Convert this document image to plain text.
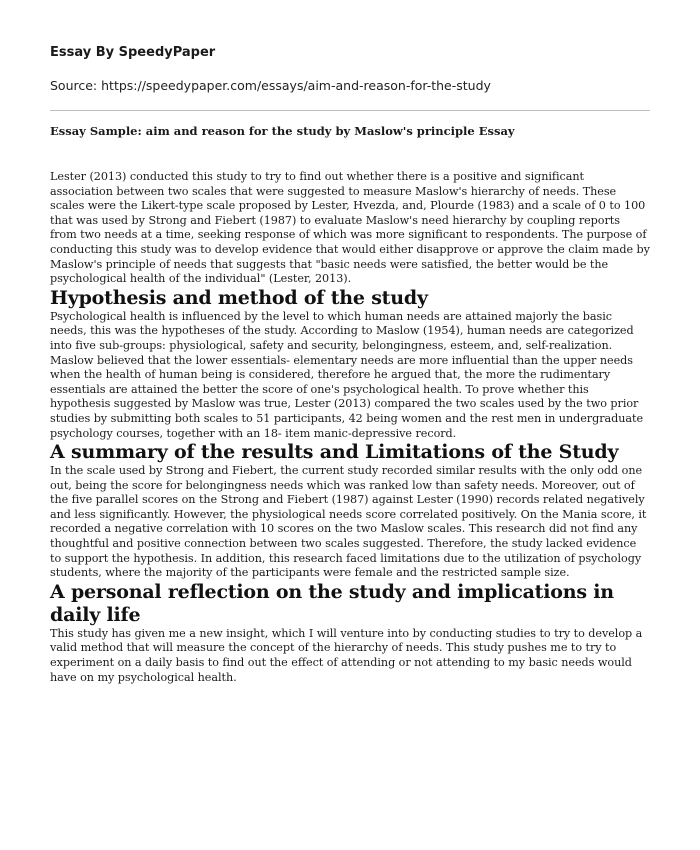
Essay By SpeedyPaper
Source: https://speedypaper.com/essays/aim-and-reason-for-the-study
Essay Sample: aim and reason for the study by Maslow's principle Essay

Lester (2013) conducted this study to try to find out whether there is a positive and significant association between two scales that were suggested to measure Maslow's hierarchy of needs. These scales were the Likert-type scale proposed by Lester, Hvezda, and, Plourde (1983) and a scale of 0 to 100 that was used by Strong and Fiebert (1987) to evaluate Maslow's need hierarchy by coupling reports from two needs at a time, seeking response of which was more significant to respondents. The purpose of conducting this study was to develop evidence that would either disapprove or approve the claim made by Maslow's principle of needs that suggests that "basic needs were satisfied, the better would be the psychological health of the individual" (Lester, 2013).

Hypothesis and method of the study

Psychological health is influenced by the level to which human needs are attained majorly the basic needs, this was the hypotheses of the study. According to Maslow (1954), human needs are categorized into five sub-groups: physiological, safety and security, belongingness, esteem, and, self-realization. Maslow believed that the lower essentials- elementary needs are more influential than the upper needs when the health of human being is considered, therefore he argued that, the more the rudimentary essentials are attained the better the score of one's psychological health. To prove whether this hypothesis suggested by Maslow was true, Lester (2013) compared the two scales used by the two prior studies by submitting both scales to 51 participants, 42 being women and the rest men in undergraduate psychology courses, together with an 18- item manic-depressive record.

A summary of the results and Limitations of the Study

In the scale used by Strong and Fiebert, the current study recorded similar results with the only odd one out, being the score for belongingness needs which was ranked low than safety needs. Moreover, out of the five parallel scores on the Strong and Fiebert (1987) against Lester (1990) records related negatively and less significantly. However, the physiological needs score correlated positively. On the Mania score, it recorded a negative correlation with 10 scores on the two Maslow scales. This research did not find any thoughtful and positive connection between two scales suggested. Therefore, the study lacked evidence to support the hypothesis. In addition, this research faced limitations due to the utilization of psychology students, where the majority of the participants were female and the restricted sample size.

A personal reflection on the study and implications in daily life

This study has given me a new insight, which I will venture into by conducting studies to try to develop a valid method that will measure the concept of the hierarchy of needs. This study pushes me to try to experiment on a daily basis to find out the effect of attending or not attending to my basic needs would have on my psychological health.
